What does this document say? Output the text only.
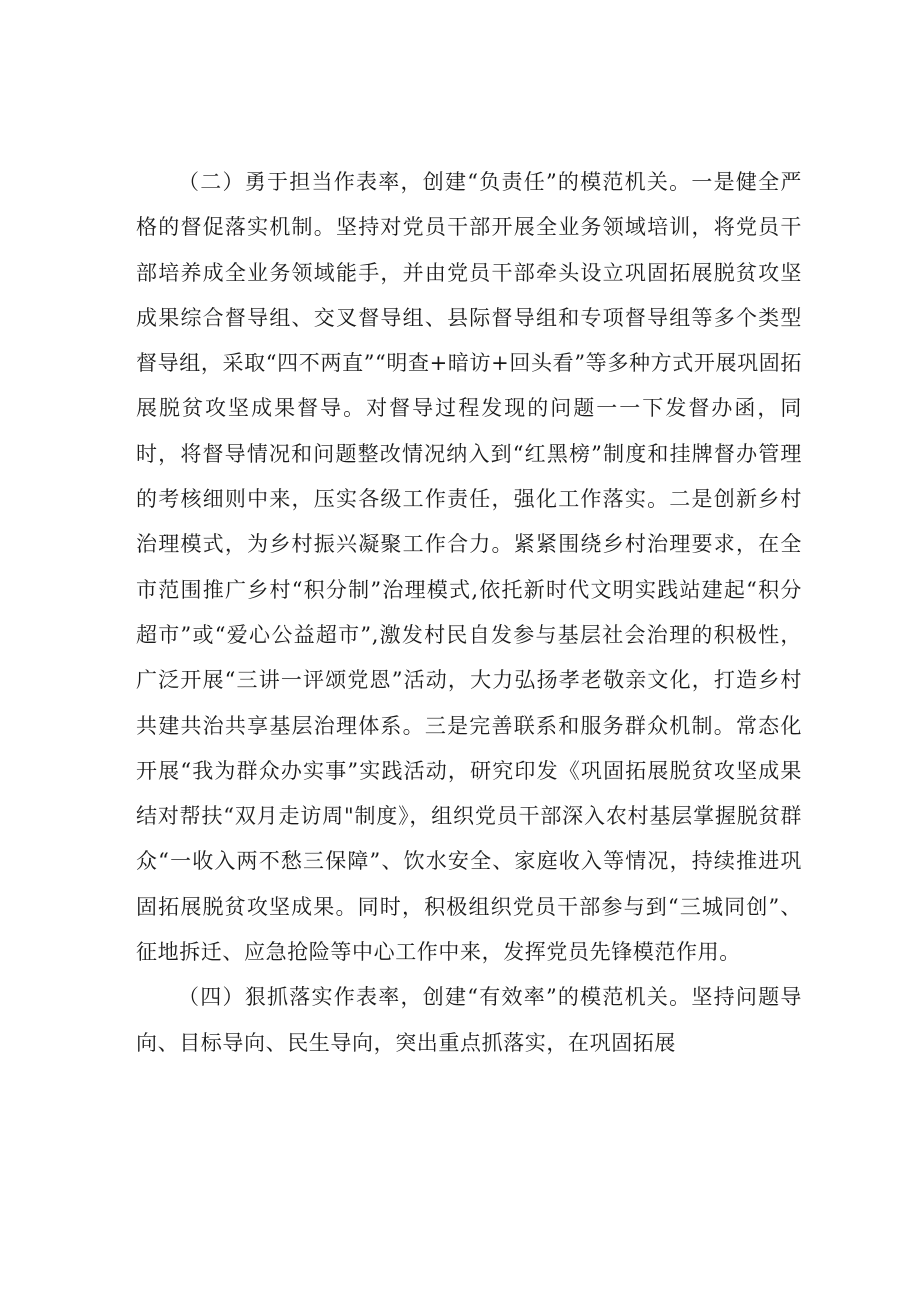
（二）勇于担当作表率，创建“负责任”的模范机关。一是健全严格的督促落实机制。坚持对党员干部开展全业务领域培训，将党员干部培养成全业务领域能手，并由党员干部牵头设立巩固拓展脱贫攻坚成果综合督导组、交叉督导组、县际督导组和专项督导组等多个类型督导组，采取“四不两直”“明查+暗访+回头看”等多种方式开展巩固拓展脱贫攻坚成果督导。对督导过程发现的问题一一下发督办函，同时，将督导情况和问题整改情况纳入到“红黑榜”制度和挂牌督办管理的考核细则中来，压实各级工作责任，强化工作落实。二是创新乡村治理模式，为乡村振兴凝聚工作合力。紧紧围绕乡村治理要求，在全市范围推广乡村“积分制”治理模式,依托新时代文明实践站建起“积分超市”或“爱心公益超市”,激发村民自发参与基层社会治理的积极性，广泛开展“三讲一评颂党恩”活动，大力弘扬孝老敬亲文化，打造乡村共建共治共享基层治理体系。三是完善联系和服务群众机制。常态化开展“我为群众办实事”实践活动，研究印发《巩固拓展脱贫攻坚成果结对帮扶“双月走访周"制度》，组织党员干部深入农村基层掌握脱贫群众“一收入两不愁三保障”、饮水安全、家庭收入等情况，持续推进巩固拓展脱贫攻坚成果。同时，积极组织党员干部参与到“三城同创”、征地拆迁、应急抢险等中心工作中来，发挥党员先锋模范作用。

（四）狠抓落实作表率，创建“有效率”的模范机关。坚持问题导向、目标导向、民生导向，突出重点抓落实，在巩固拓展
